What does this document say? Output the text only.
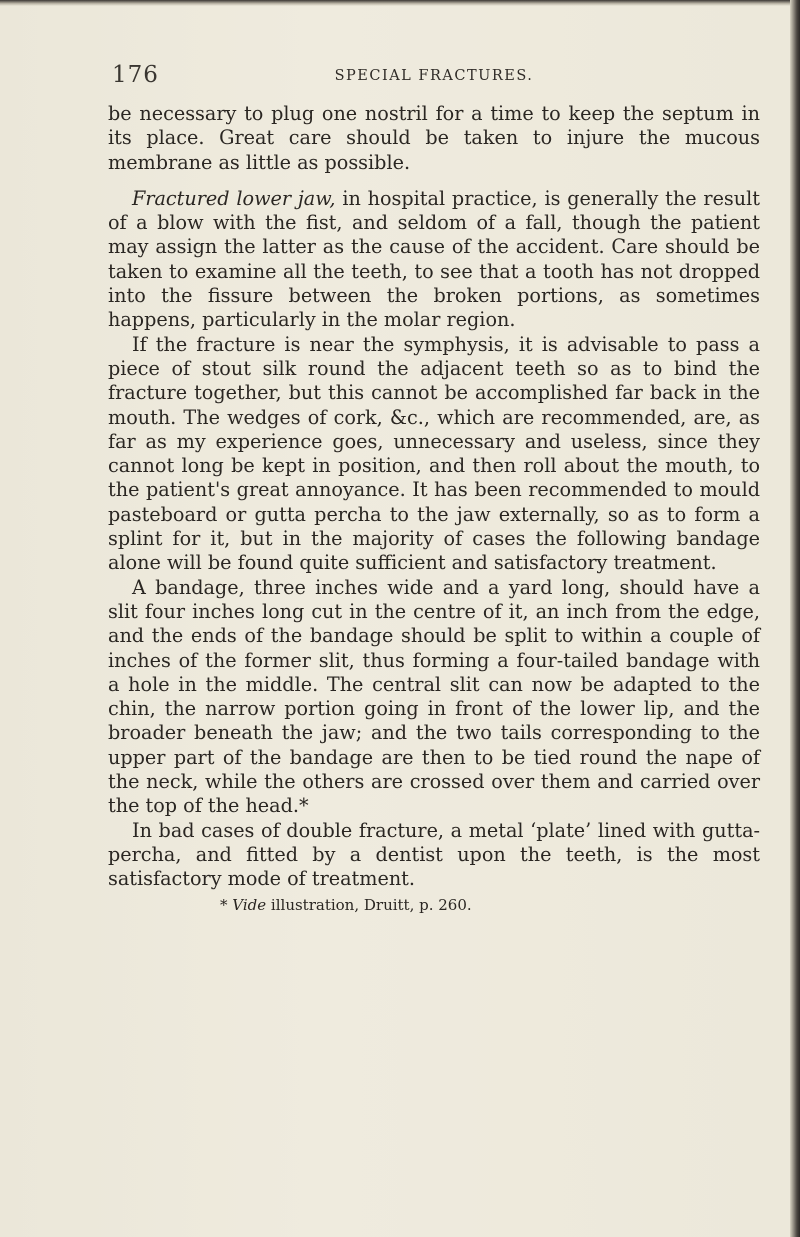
176	SPECIAL FRACTURES.

be necessary to plug one nostril for a time to keep the septum in its place. Great care should be taken to injure the mucous membrane as little as possible.

Fractured lower jaw, in hospital practice, is generally the result of a blow with the fist, and seldom of a fall, though the patient may assign the latter as the cause of the accident. Care should be taken to examine all the teeth, to see that a tooth has not dropped into the fissure between the broken portions, as sometimes happens, particularly in the molar region.

If the fracture is near the symphysis, it is advisable to pass a piece of stout silk round the adjacent teeth so as to bind the fracture together, but this cannot be accomplished far back in the mouth. The wedges of cork, &c., which are recommended, are, as far as my experience goes, unnecessary and useless, since they cannot long be kept in position, and then roll about the mouth, to the patient's great annoyance. It has been recommended to mould pasteboard or gutta percha to the jaw externally, so as to form a splint for it, but in the majority of cases the following bandage alone will be found quite sufficient and satisfactory treatment.

A bandage, three inches wide and a yard long, should have a slit four inches long cut in the centre of it, an inch from the edge, and the ends of the bandage should be split to within a couple of inches of the former slit, thus forming a four-tailed bandage with a hole in the middle. The central slit can now be adapted to the chin, the narrow portion going in front of the lower lip, and the broader beneath the jaw; and the two tails corresponding to the upper part of the bandage are then to be tied round the nape of the neck, while the others are crossed over them and carried over the top of the head.*

In bad cases of double fracture, a metal ‘plate’ lined with gutta-percha, and fitted by a dentist upon the teeth, is the most satisfactory mode of treatment.

* Vide illustration, Druitt, p. 260.
